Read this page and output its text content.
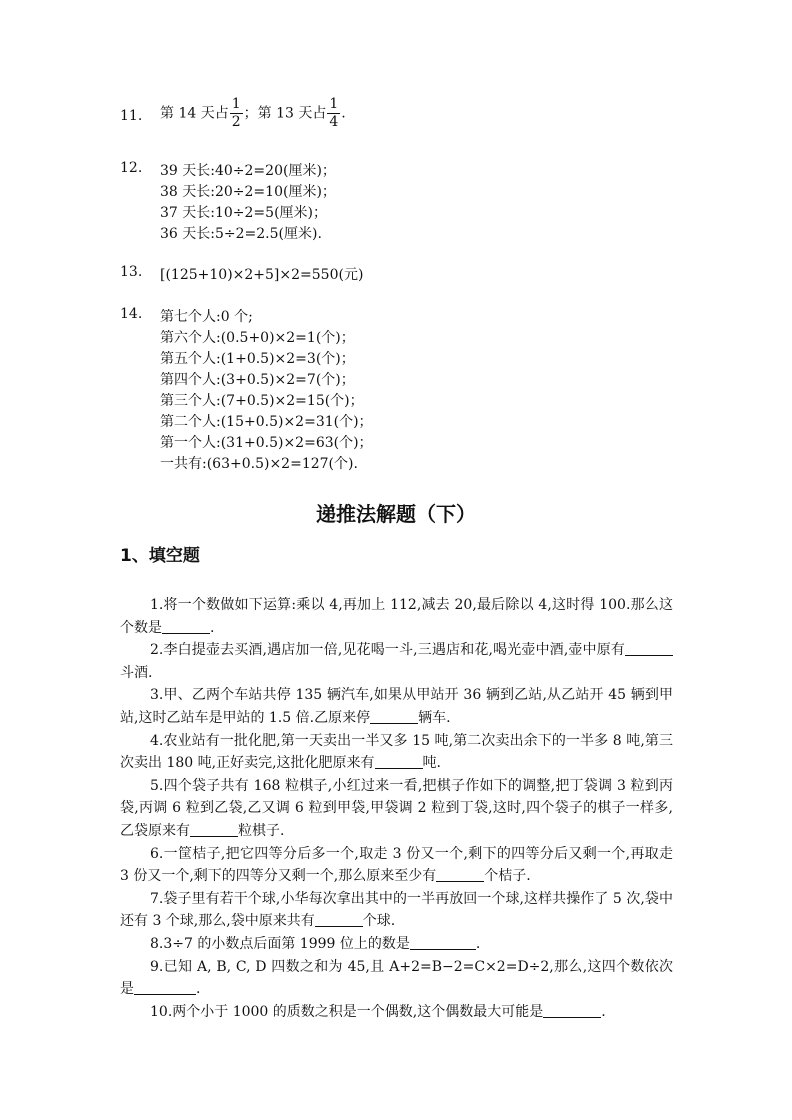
11. 第 14 天占 $\frac{1}{2}$ ；第 13 天占 $\frac{1}{4}$ .
12. 39 天长:40÷2=20(厘米)；
38 天长:20÷2=10(厘米)；
37 天长:10÷2=5(厘米)；
36 天长:5÷2=2.5(厘米).
13. [(125+10)×2+5]×2=550(元)
14. 第七个人:0 个;
第六个人:(0.5+0)×2=1(个)；
第五个人:(1+0.5)×2=3(个)；
第四个人:(3+0.5)×2=7(个)；
第三个人:(7+0.5)×2=15(个)；
第二个人:(15+0.5)×2=31(个)；
第一个人:(31+0.5)×2=63(个)；
一共有:(63+0.5)×2=127(个).
递推法解题（下）
1、填空题

1.将一个数做如下运算:乘以 4,再加上 112,减去 20,最后除以 4,这时得 100.那么这个数是	.

2.李白提壶去买酒,遇店加一倍,见花喝一斗,三遇店和花,喝光壶中酒,壶中原有斗酒.

3.甲、乙两个车站共停 135 辆汽车,如果从甲站开 36 辆到乙站,从乙站开 45 辆到甲站,这时乙站车是甲站的 1.5 倍.乙原来停	辆车.

4.农业站有一批化肥,第一天卖出一半又多 15 吨,第二次卖出余下的一半多 8 吨,第三次卖出 180 吨,正好卖完,这批化肥原来有	吨.

5.四个袋子共有 168 粒棋子,小红过来一看,把棋子作如下的调整,把丁袋调 3 粒到丙袋,丙调 6 粒到乙袋,乙又调 6 粒到甲袋,甲袋调 2 粒到丁袋,这时,四个袋子的棋子一样多,乙袋原来有	粒棋子.

6.一筐桔子,把它四等分后多一个,取走 3 份又一个,剩下的四等分后又剩一个,再取走 3 份又一个,剩下的四等分又剩一个,那么原来至少有	个桔子.

7.袋子里有若干个球,小华每次拿出其中的一半再放回一个球,这样共操作了 5 次,袋中还有 3 个球,那么,袋中原来共有	个球.

8.3÷7 的小数点后面第 1999 位上的数是	.

9.已知 A, B, C, D 四数之和为 45,且 A+2=B−2=C×2=D÷2,那么,这四个数依次是	.

10.两个小于 1000 的质数之积是一个偶数,这个偶数最大可能是	.
